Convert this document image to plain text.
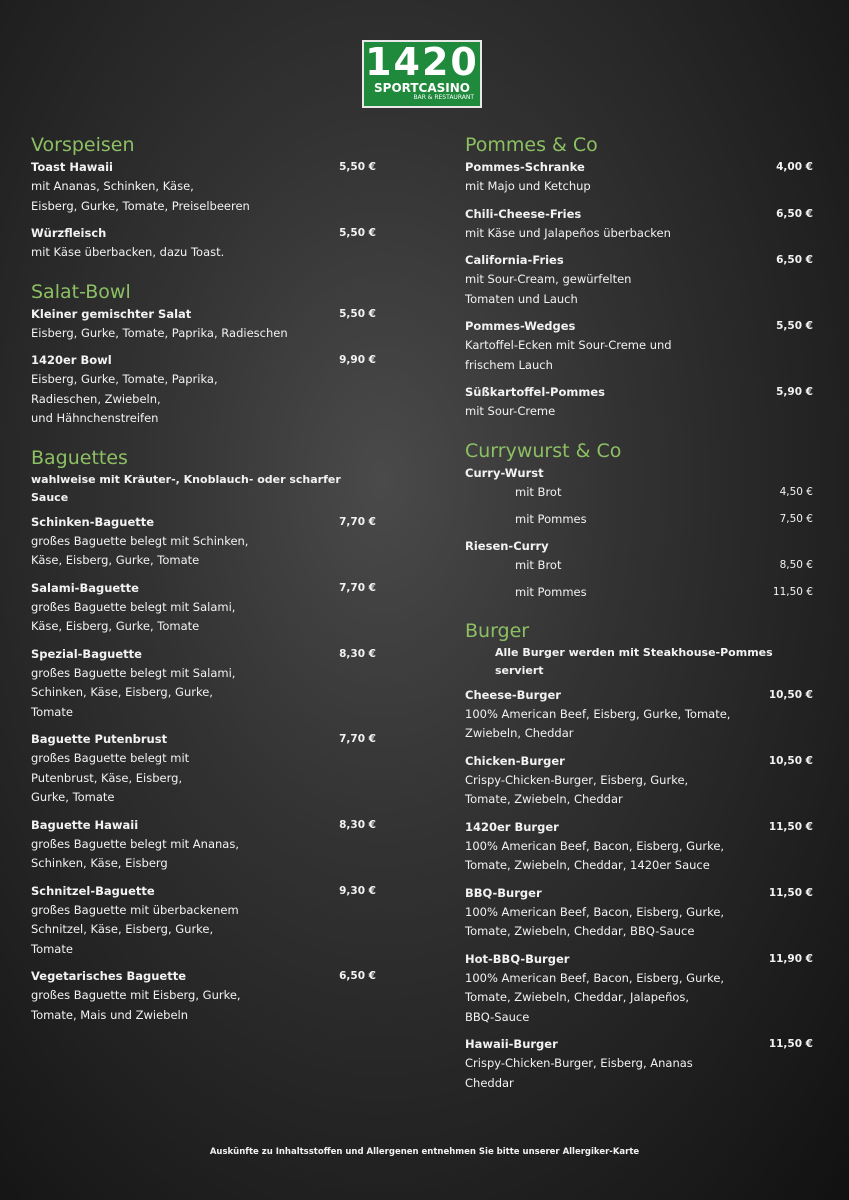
1420
SPORTCASINO
BAR & RESTAURANT
Vorspeisen
Toast Hawaii	5,50 €
mit Ananas, Schinken, Käse,
Eisberg, Gurke, Tomate, Preiselbeeren
Würzfleisch	5,50 €
mit Käse überbacken, dazu Toast.
Salat-Bowl
Kleiner gemischter Salat	5,50 €
Eisberg, Gurke, Tomate, Paprika, Radieschen
1420er Bowl	9,90 €
Eisberg, Gurke, Tomate, Paprika,
Radieschen, Zwiebeln,
und Hähnchenstreifen
Baguettes
wahlweise mit Kräuter-, Knoblauch- oder scharfer Sauce
Schinken-Baguette	7,70 €
großes Baguette belegt mit Schinken,
Käse, Eisberg, Gurke, Tomate
Salami-Baguette	7,70 €
großes Baguette belegt mit Salami,
Käse, Eisberg, Gurke, Tomate
Spezial-Baguette	8,30 €
großes Baguette belegt mit Salami,
Schinken, Käse, Eisberg, Gurke,
Tomate
Baguette Putenbrust	7,70 €
großes Baguette belegt mit
Putenbrust, Käse, Eisberg,
Gurke, Tomate
Baguette Hawaii	8,30 €
großes Baguette belegt mit Ananas,
Schinken, Käse, Eisberg
Schnitzel-Baguette	9,30 €
großes Baguette mit überbackenem
Schnitzel, Käse, Eisberg, Gurke,
Tomate
Vegetarisches Baguette	6,50 €
großes Baguette mit Eisberg, Gurke,
Tomate, Mais und Zwiebeln
Pommes & Co
Pommes-Schranke	4,00 €
mit Majo und Ketchup
Chili-Cheese-Fries	6,50 €
mit Käse und Jalapeños überbacken
California-Fries	6,50 €
mit Sour-Cream, gewürfelten
Tomaten und Lauch
Pommes-Wedges	5,50 €
Kartoffel-Ecken mit Sour-Creme und
frischem Lauch
Süßkartoffel-Pommes	5,90 €
mit Sour-Creme
Currywurst & Co
Curry-Wurst
mit Brot	4,50 €
mit Pommes	7,50 €
Riesen-Curry
mit Brot	8,50 €
mit Pommes	11,50 €
Burger
Alle Burger werden mit Steakhouse-Pommes serviert
Cheese-Burger	10,50 €
100% American Beef, Eisberg, Gurke, Tomate,
Zwiebeln, Cheddar
Chicken-Burger	10,50 €
Crispy-Chicken-Burger, Eisberg, Gurke,
Tomate, Zwiebeln, Cheddar
1420er Burger	11,50 €
100% American Beef, Bacon, Eisberg, Gurke,
Tomate, Zwiebeln, Cheddar, 1420er Sauce
BBQ-Burger	11,50 €
100% American Beef, Bacon, Eisberg, Gurke,
Tomate, Zwiebeln, Cheddar, BBQ-Sauce
Hot-BBQ-Burger	11,90 €
100% American Beef, Bacon, Eisberg, Gurke,
Tomate, Zwiebeln, Cheddar, Jalapeños,
BBQ-Sauce
Hawaii-Burger	11,50 €
Crispy-Chicken-Burger, Eisberg, Ananas
Cheddar
Auskünfte zu Inhaltsstoffen und Allergenen entnehmen Sie bitte unserer Allergiker-Karte
